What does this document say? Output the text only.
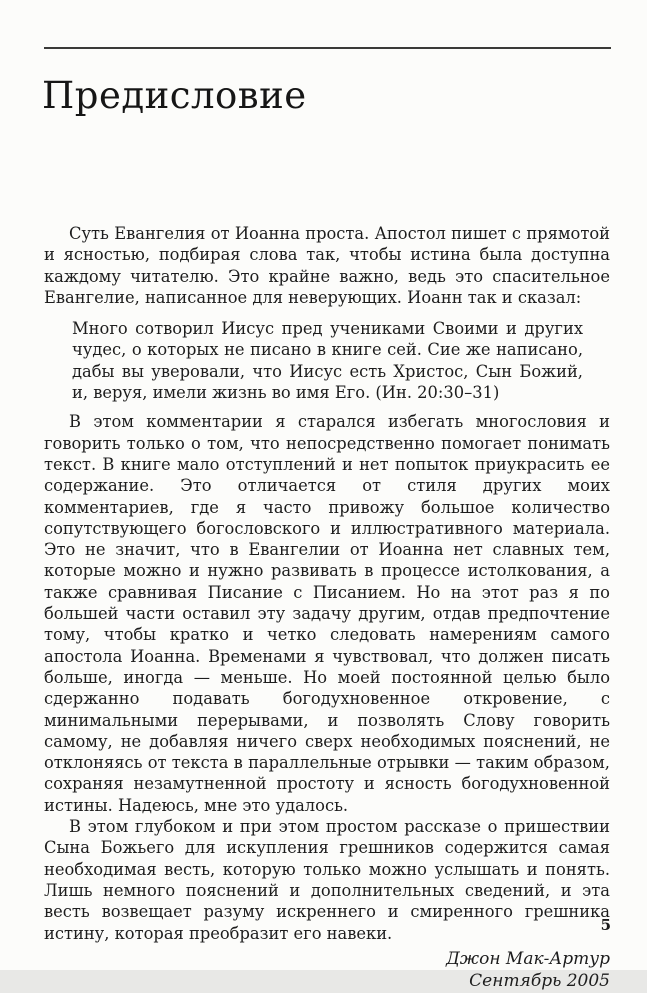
Предисловие

Суть Евангелия от Иоанна проста. Апостол пишет с прямотой и ясностью, подбирая слова так, чтобы истина была доступна каждому читателю. Это крайне важно, ведь это спасительное Евангелие, написанное для неверующих. Иоанн так и сказал:

Много сотворил Иисус пред учениками Своими и других чудес, о которых не писано в книге сей. Сие же написано, дабы вы уверовали, что Иисус есть Христос, Сын Божий, и, веруя, имели жизнь во имя Его. (Ин. 20:30–31)

В этом комментарии я старался избегать многословия и говорить только о том, что непосредственно помогает понимать текст. В книге мало отступлений и нет попыток приукрасить ее содержание. Это отличается от стиля других моих комментариев, где я часто привожу большое количество сопутствующего богословского и иллюстративного материала. Это не значит, что в Евангелии от Иоанна нет славных тем, которые можно и нужно развивать в процессе истолкования, а также сравнивая Писание с Писанием. Но на этот раз я по большей части оставил эту задачу другим, отдав предпочтение тому, чтобы кратко и четко следовать намерениям самого апостола Иоанна. Временами я чувствовал, что должен писать больше, иногда — меньше. Но моей постоянной целью было сдержанно подавать богодухновенное откровение, с минимальными перерывами, и позволять Слову говорить самому, не добавляя ничего сверх необходимых пояснений, не отклоняясь от текста в параллельные отрывки — таким образом, сохраняя незамутненной простоту и ясность богодухновенной истины. Надеюсь, мне это удалось.

В этом глубоком и при этом простом рассказе о пришествии Сына Божьего для искупления грешников содержится самая необходимая весть, которую только можно услышать и понять. Лишь немного пояснений и дополнительных сведений, и эта весть возвещает разуму искреннего и смиренного грешника истину, которая преобразит его навеки.

Джон Мак-Артур
Сентябрь 2005
5
